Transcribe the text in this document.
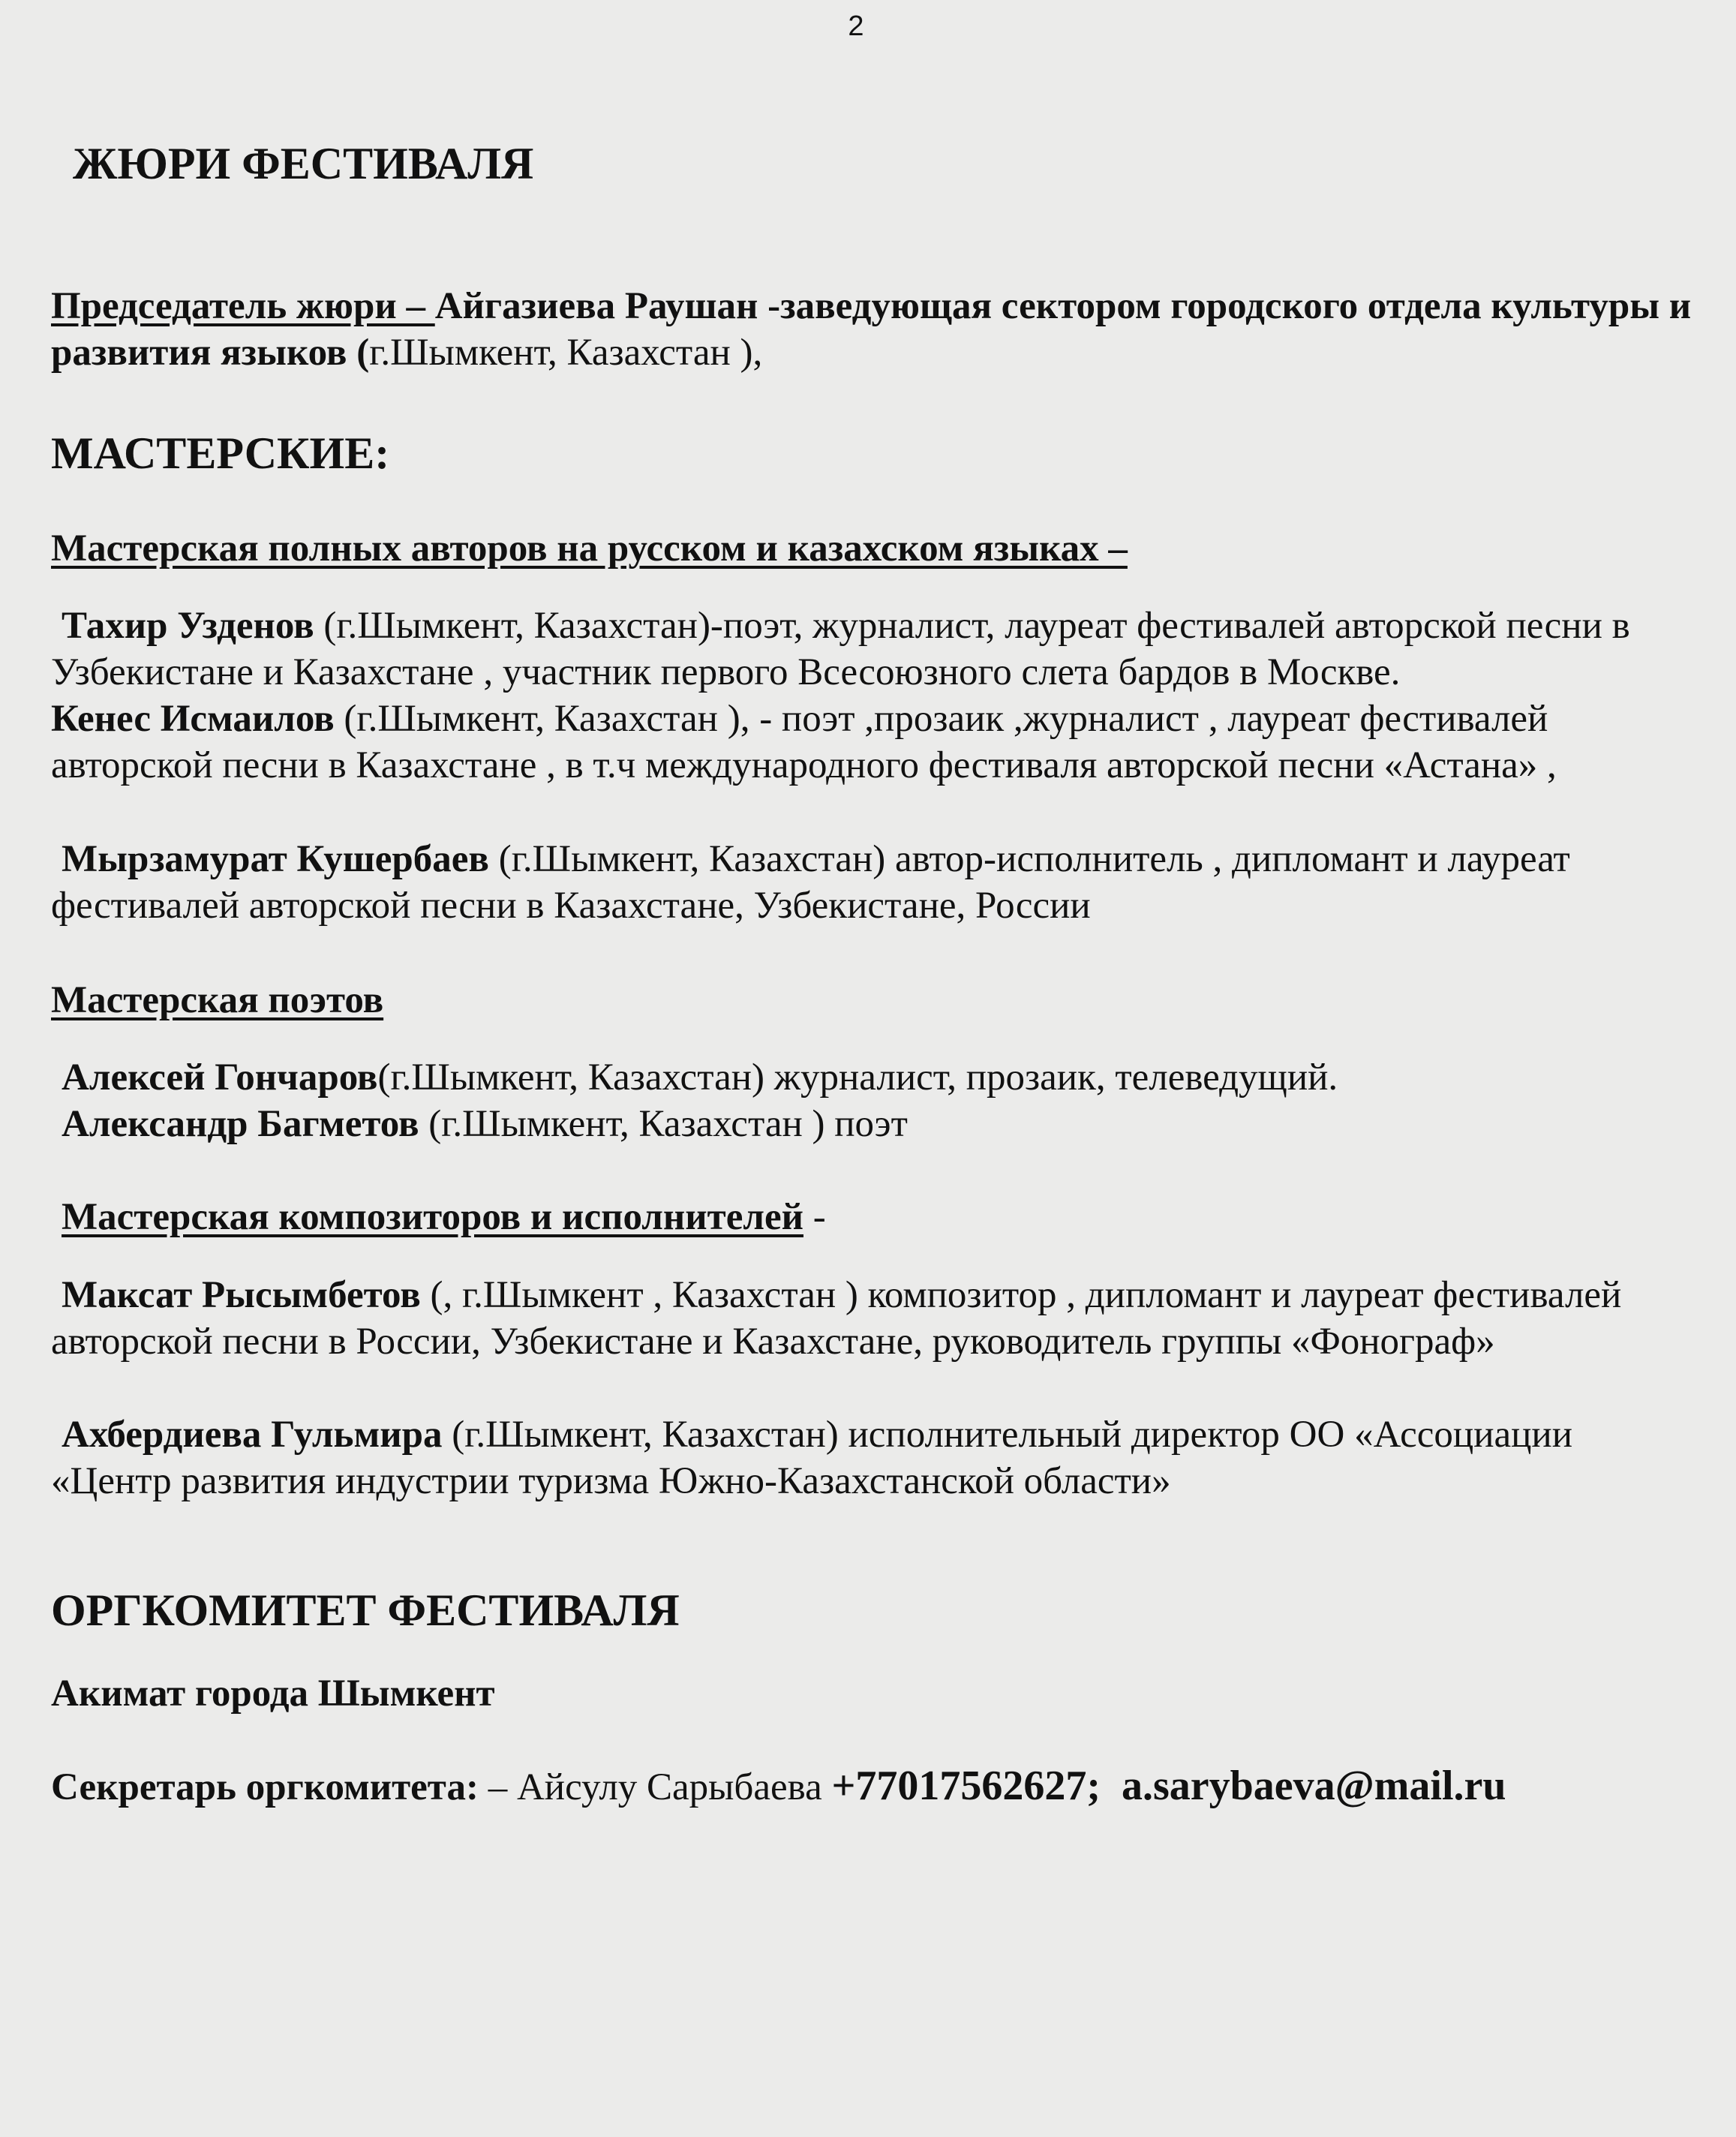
2
ЖЮРИ ФЕСТИВАЛЯ

Председатель жюри – Айгазиева Раушан -заведующая сектором городского отдела культуры и развития языков (г.Шымкент, Казахстан ),

МАСТЕРСКИЕ:

Мастерская полных авторов на русском и казахском языках –

Тахир Узденов (г.Шымкент, Казахстан)-поэт, журналист, лауреат фестивалей авторской песни в Узбекистане и Казахстане , участник первого Всесоюзного слета бардов в Москве.

Кенес Исмаилов (г.Шымкент, Казахстан ), - поэт ,прозаик ,журналист , лауреат фестивалей авторской песни в Казахстане , в т.ч международного фестиваля авторской песни «Астана» ,

Мырзамурат Кушербаев (г.Шымкент, Казахстан) автор-исполнитель , дипломант и лауреат фестивалей авторской песни в Казахстане, Узбекистане, России

Мастерская поэтов

Алексей Гончаров(г.Шымкент, Казахстан) журналист, прозаик, телеведущий.

Александр Багметов (г.Шымкент, Казахстан ) поэт

Мастерская композиторов и исполнителей -

Максат Рысымбетов (, г.Шымкент , Казахстан ) композитор , дипломант и лауреат фестивалей авторской песни в России, Узбекистане и Казахстане, руководитель группы «Фонограф»

Ахбердиева Гульмира (г.Шымкент, Казахстан) исполнительный директор ОО «Ассоциации «Центр развития индустрии туризма Южно-Казахстанской области»

ОРГКОМИТЕТ ФЕСТИВАЛЯ

Акимат города Шымкент

Секретарь оргкомитета: – Айсулу Сарыбаева +77017562627; a.sarybaeva@mail.ru
